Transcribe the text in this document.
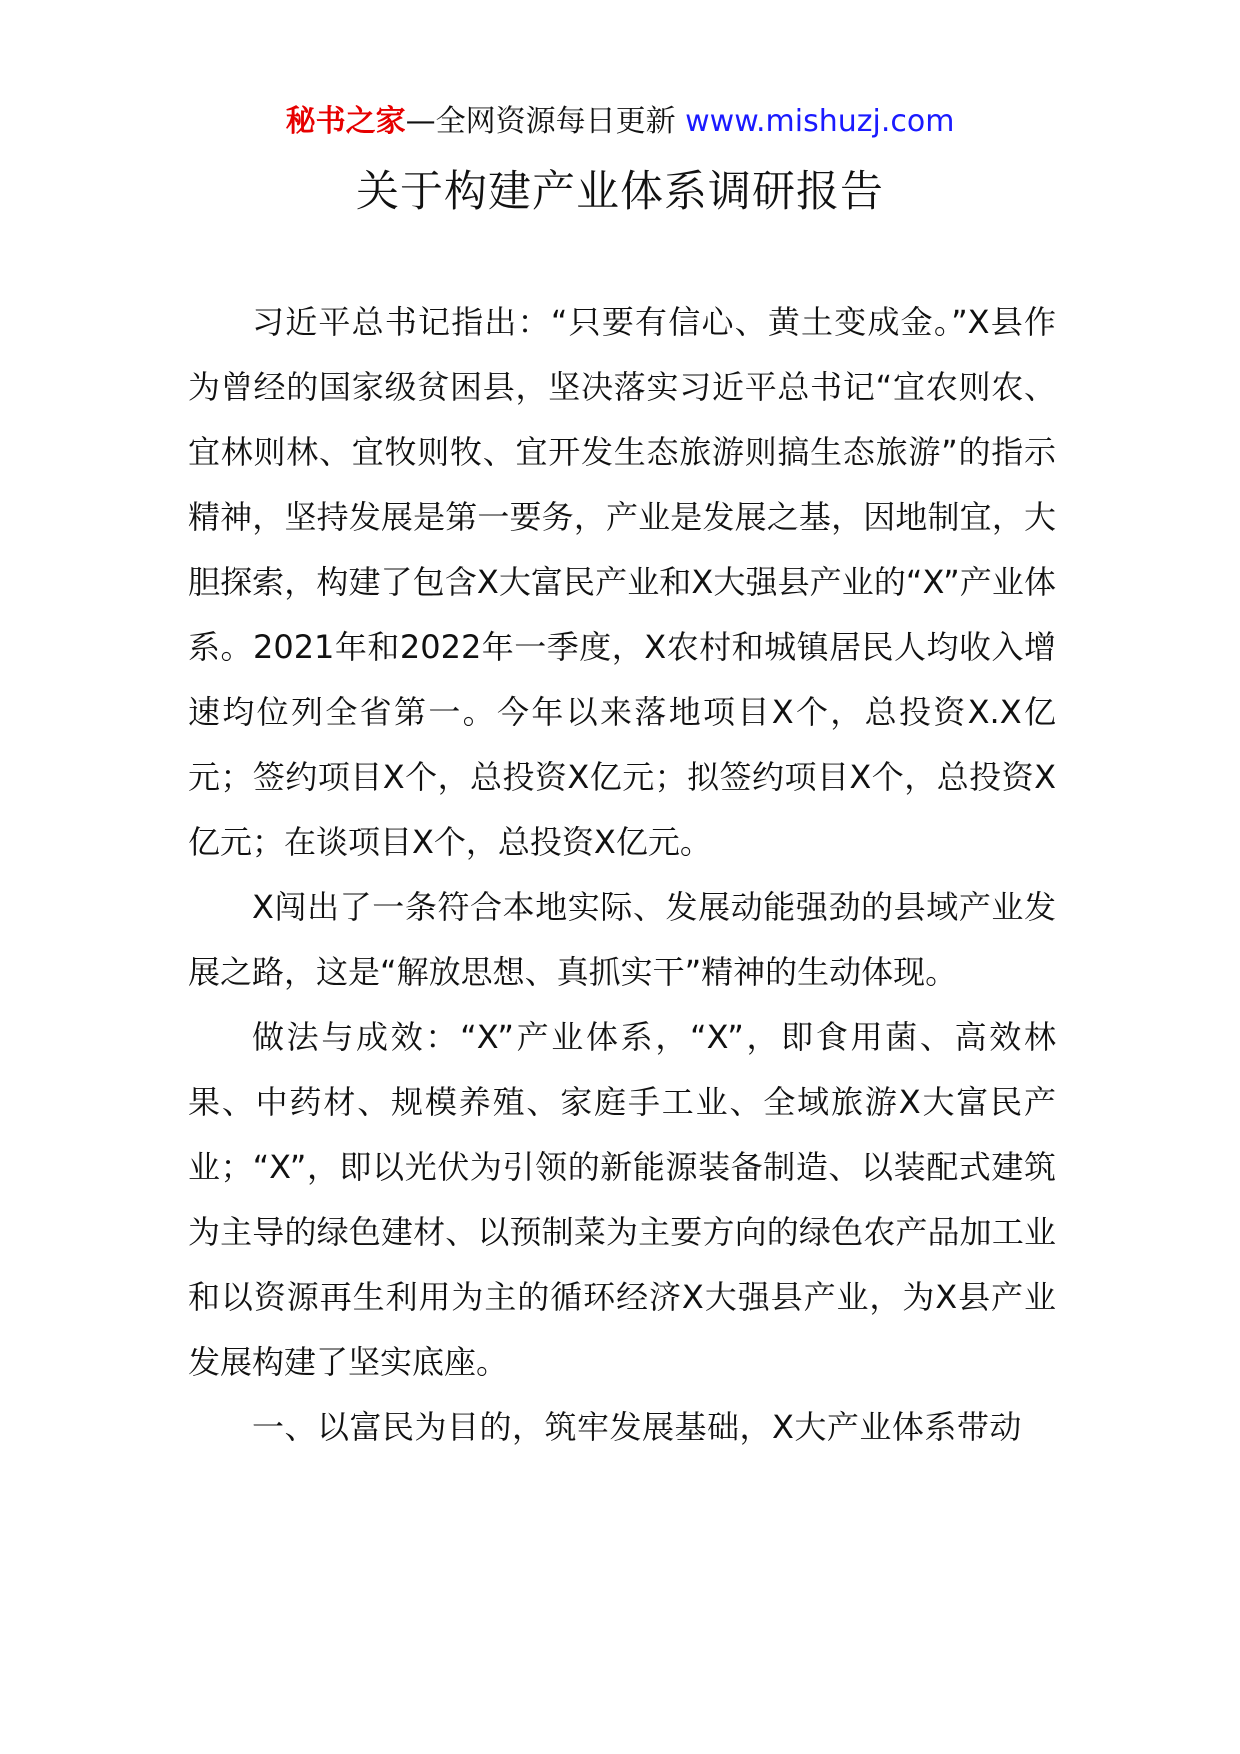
秘书之家—全网资源每日更新 www.mishuzj.com
关于构建产业体系调研报告

习近平总书记指出：“只要有信心、黄土变成金。”X县作为曾经的国家级贫困县，坚决落实习近平总书记“宜农则农、宜林则林、宜牧则牧、宜开发生态旅游则搞生态旅游”的指示精神，坚持发展是第一要务，产业是发展之基，因地制宜，大胆探索，构建了包含X大富民产业和X大强县产业的“X”产业体系。2021年和2022年一季度，X农村和城镇居民人均收入增速均位列全省第一。今年以来落地项目X个，总投资X.X亿元；签约项目X个，总投资X亿元；拟签约项目X个，总投资X亿元；在谈项目X个，总投资X亿元。

X闯出了一条符合本地实际、发展动能强劲的县域产业发展之路，这是“解放思想、真抓实干”精神的生动体现。

做法与成效：“X”产业体系，“X”，即食用菌、高效林果、中药材、规模养殖、家庭手工业、全域旅游X大富民产业；“X”，即以光伏为引领的新能源装备制造、以装配式建筑为主导的绿色建材、以预制菜为主要方向的绿色农产品加工业和以资源再生利用为主的循环经济X大强县产业，为X县产业发展构建了坚实底座。

一、以富民为目的，筑牢发展基础，X大产业体系带动
